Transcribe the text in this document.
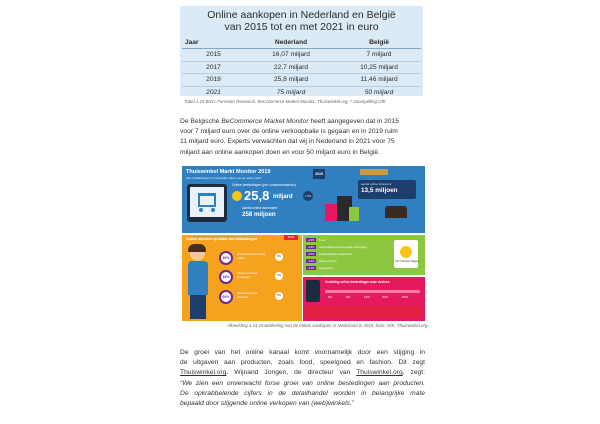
Online aankopen in Nederland en België
van 2015 tot en met 2021 in euro
Jaar	Nederland	België
2015	16,07 miljard	7 miljard
2017	22,7 miljard	10,25 miljard
2019	25,8 miljard	11,46 miljard
2021	75 miljard	50 miljard
Tabel 1.23 Bron: Forrester Research, BeCommerce Market Monitor, Thuiswinkel.org. * Voorspelling GfK
De Belgische BeCommerce Market Monitor heeft aangegeven dat in 2015
voor 7 miljard euro over de online verkoopbalie is gegaan en in 2019 ruim
11 miljard euro. Experts verwachten dat wij in Nederland in 2021 voor 75
miljard aan online aankopen doen en voor 50 miljard euro in België.
Thuiswinkel Markt Monitor 2019
Alle ontwikkelingen en belangrijke cijfers van de online markt
2019
Online bestedingen (per consumentsector)
25,8 miljard	+7%
Aantal online aankopen
258 miljoen
aantal online shoppers
13,5 miljoen
Online aandeel op totaal van bestedingen	2019
26%
Online aandeel totale markt	6%
18%
Online aandeel producten	6%
60%
Online aandeel diensten	5%
+24%	Food
+18%	Gezondheid & Persoonlijke verzorging
+16%	Huishoudelijke elektronica
+15%	Wonen & Tuin
+12%	Speelgoed
Top 5 Sterkste Stijgers
Verdeling online bestedingen naar devices
8%	9%	11%	20%	52%
Afbeelding 1.24 Ontwikkeling van de online aankopen in Nederland in 2019, bron: GfK, Thuiswinkel.org.
De groei van het online kanaal komt voornamelijk door een stijging in
de uitgaven aan producten, zoals food, speelgoed en fashion. Dit zegt
Thuiswinkel.org. Wijnand Jongen, de directeur van Thuiswinkel.org, zegt:
“We zien een onverwacht forse groei van online bestedingen aan producten.
De opkrabbelende cijfers in de detailhandel worden in belangrijke mate
bepaald door stijgende online verkopen van (web)winkels.”
